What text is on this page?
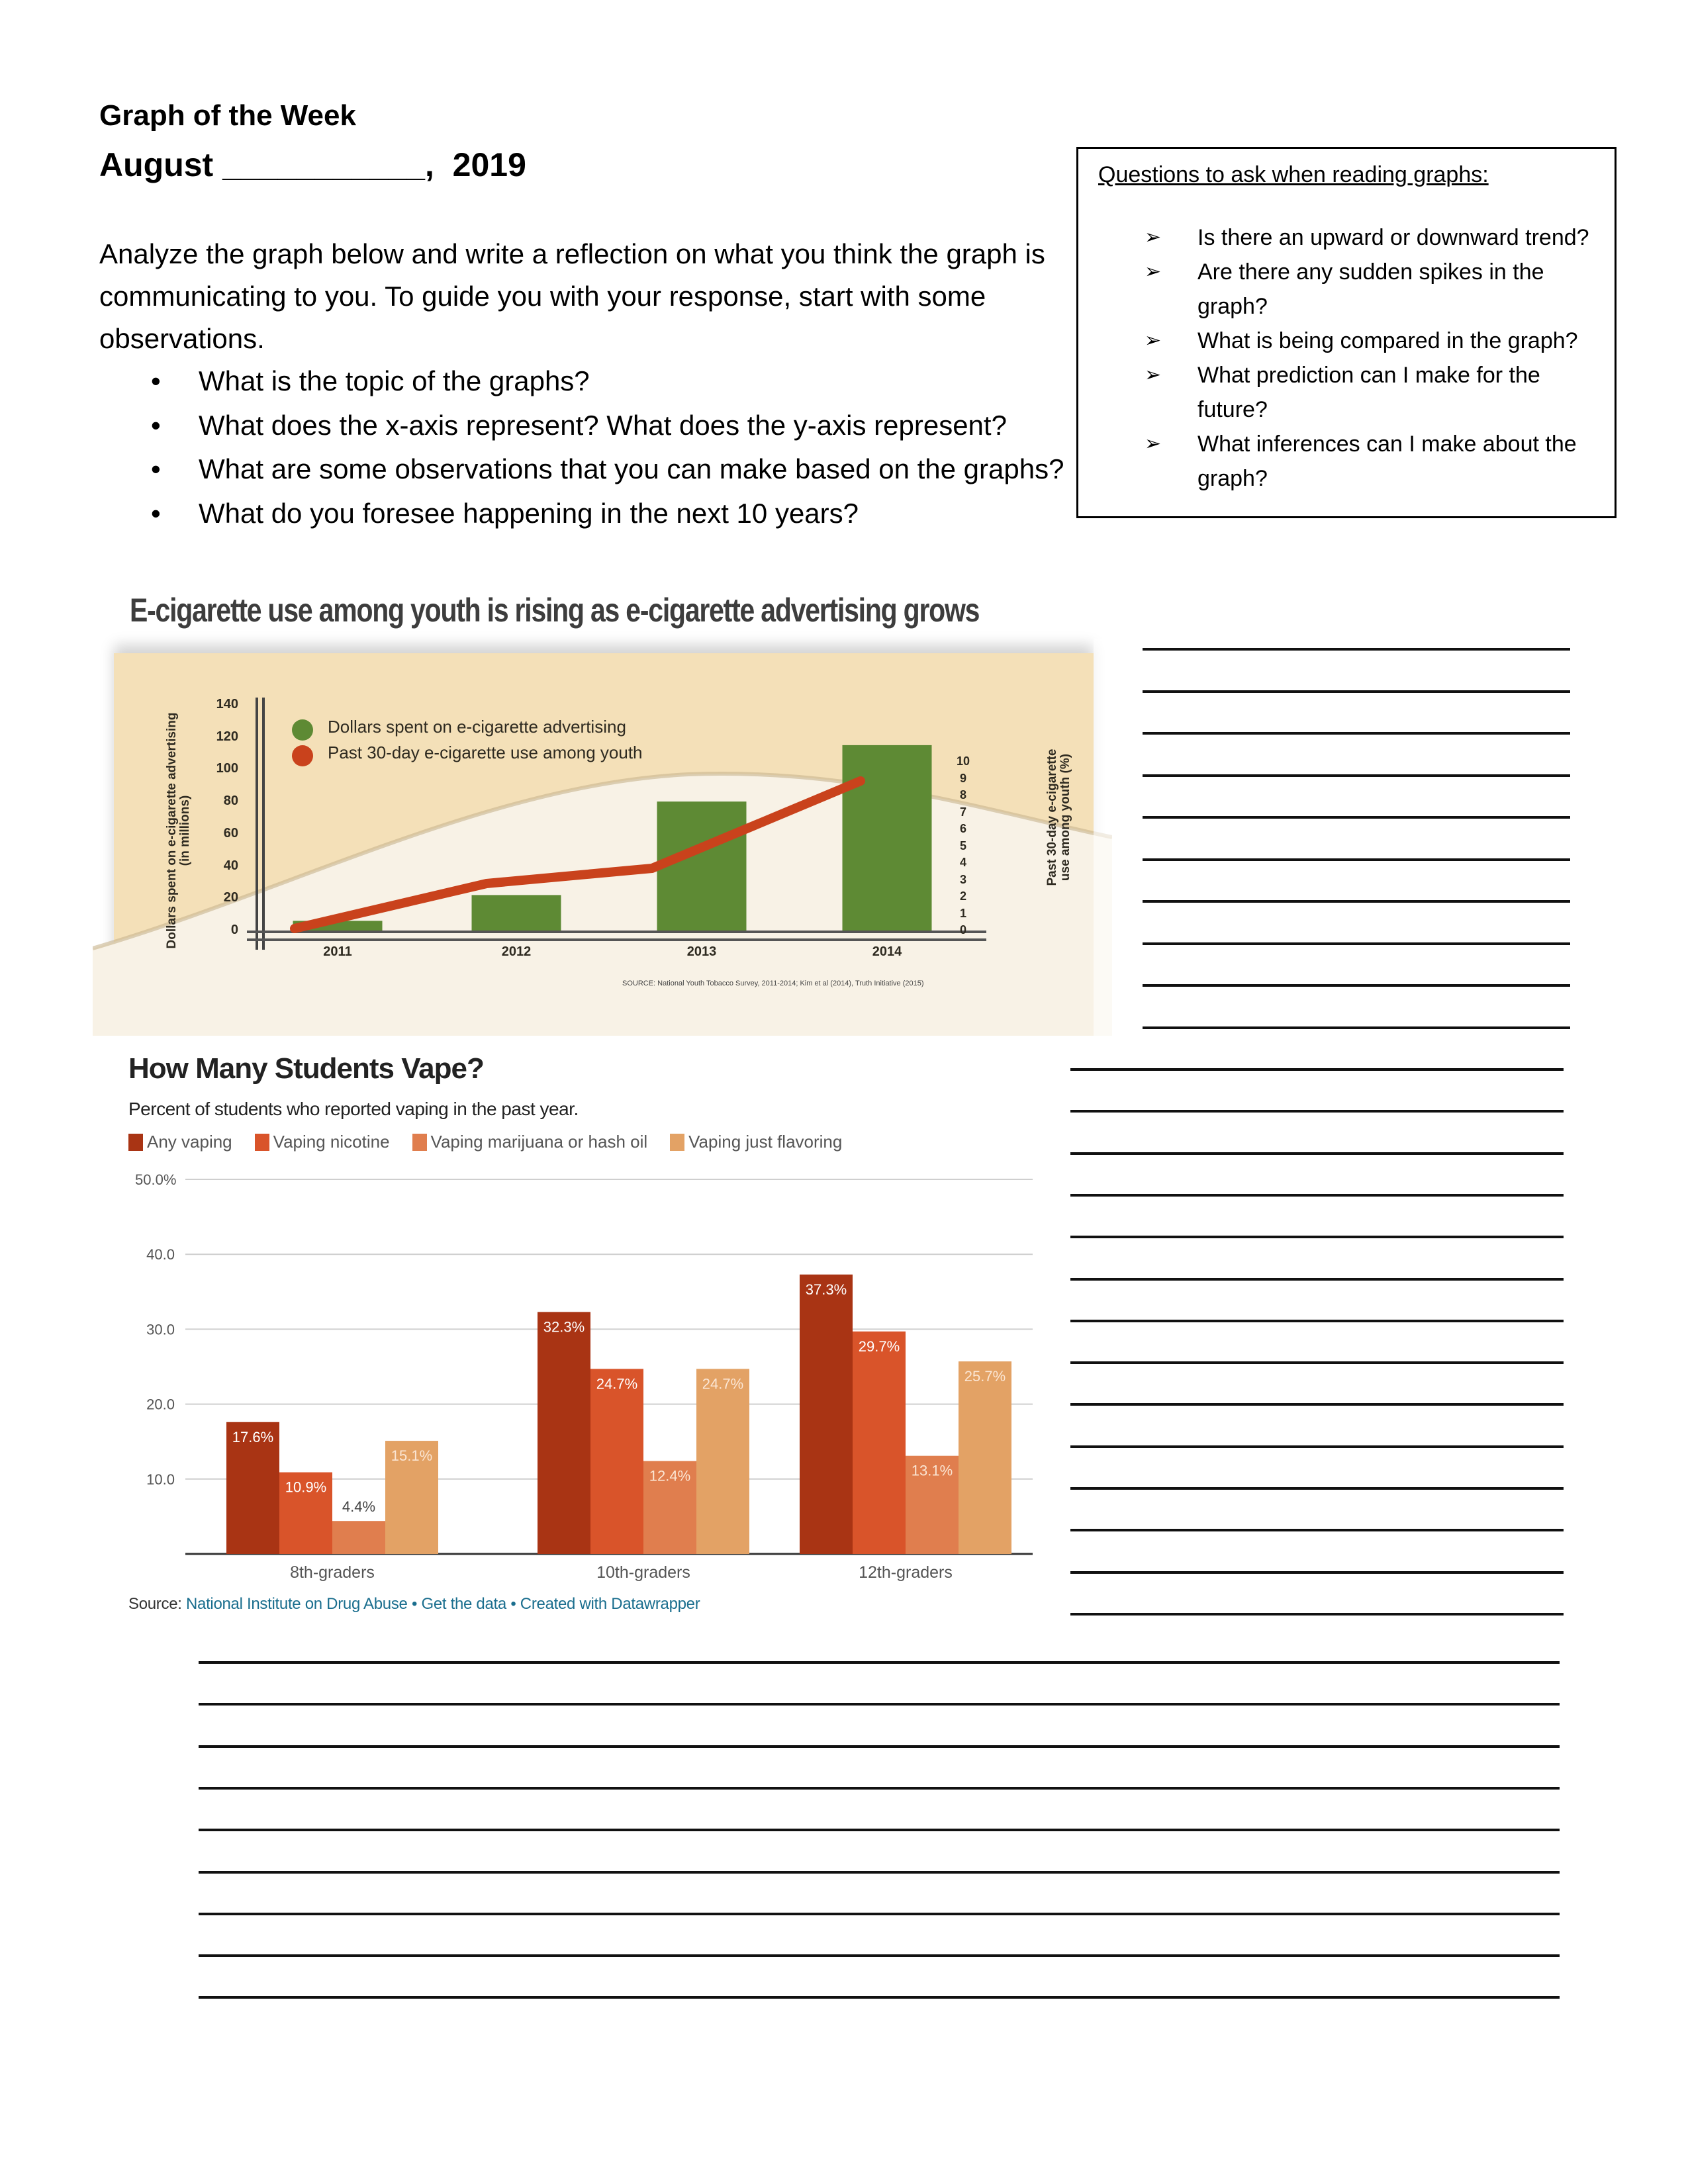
Graph of the Week
August ___________,  2019
Analyze the graph below and write a reflection on what you think the graph is communicating to you. To guide you with your response, start with some observations.
• What is the topic of the graphs?
• What does the x-axis represent? What does the y-axis represent?
• What are some observations that you can make based on the graphs?
• What do you foresee happening in the next 10 years?
Questions to ask when reading graphs:
➢ Is there an upward or downward trend?
➢ Are there any sudden spikes in the graph?
➢ What is being compared in the graph?
➢ What prediction can I make for the future?
➢ What inferences can I make about the graph?
E-cigarette use among youth is rising as e-cigarette advertising grows
Dollars spent on e-cigarette advertising
Past 30-day e-cigarette use among youth
0
20
40
60
80
100
120
140
0
1
2
3
4
5
6
7
8
9
10
2011	2012	2013	2014
Dollars spent on e-cigarette advertising (in millions)	Past 30-day e-cigarette use among youth (%)
SOURCE: National Youth Tobacco Survey, 2011-2014; Kim et al (2014), Truth Initiative (2015)
How Many Students Vape?
Percent of students who reported vaping in the past year.
Any vaping Vaping nicotine Vaping marijuana or hash oil Vaping just flavoring
10.0
20.0
30.0
40.0
50.0%
17.6%
10.9%
4.4%
15.1%
8th-graders
32.3%
24.7%
12.4%
24.7%
10th-graders
37.3%
29.7%
13.1%
25.7%
12th-graders
Source: National Institute on Drug Abuse • Get the data • Created with Datawrapper
